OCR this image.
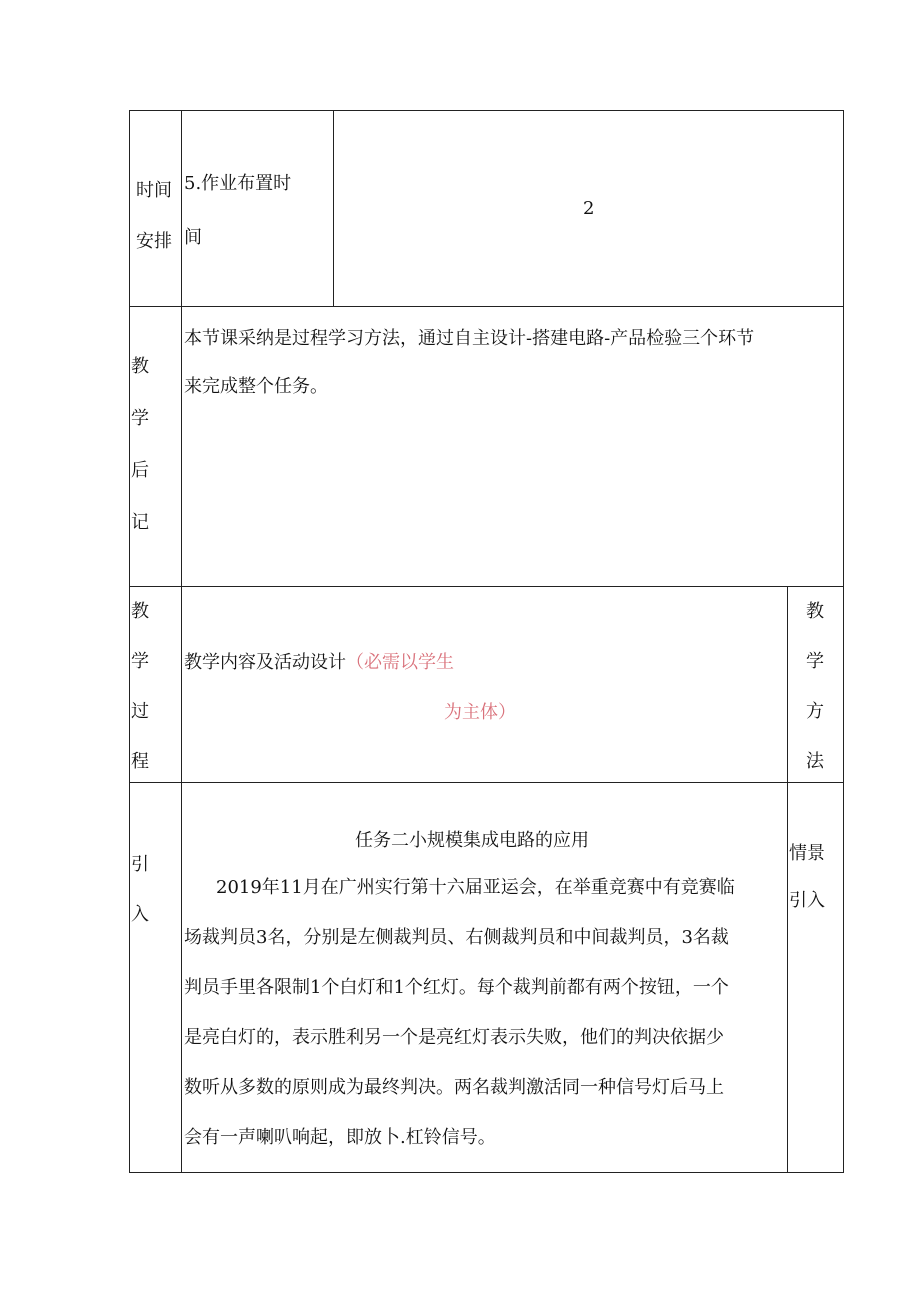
时间
安排
5.作业布置时
间
2
教
学
后
记
本节课采纳是过程学习方法，通过自主设计-搭建电路-产品检验三个环节
来完成整个任务。
教
学
过
程
教学内容及活动设计（必需以学生
为主体）
教
学
方
法
引
入
任务二小规模集成电路的应用
2019年11月在广州实行第十六届亚运会，在举重竞赛中有竞赛临
场裁判员3名，分别是左侧裁判员、右侧裁判员和中间裁判员，3名裁
判员手里各限制1个白灯和1个红灯。每个裁判前都有两个按钮，一个
是亮白灯的，表示胜利另一个是亮红灯表示失败，他们的判决依据少
数听从多数的原则成为最终判决。两名裁判激活同一种信号灯后马上
会有一声喇叭响起，即放卜.杠铃信号。
情景
引入
